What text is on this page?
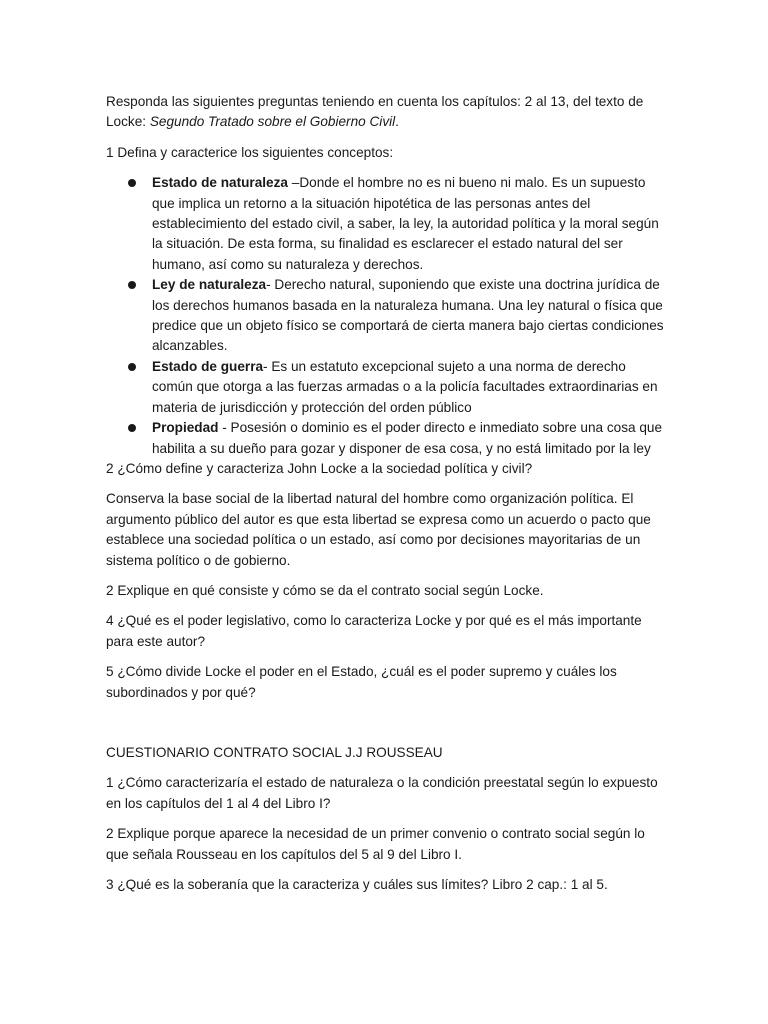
Responda las siguientes preguntas teniendo en cuenta los capítulos: 2 al 13, del texto de Locke: Segundo Tratado sobre el Gobierno Civil.

1 Defina y caracterice los siguientes conceptos:

Estado de naturaleza –Donde el hombre no es ni bueno ni malo. Es un supuesto que implica un retorno a la situación hipotética de las personas antes del establecimiento del estado civil, a saber, la ley, la autoridad política y la moral según la situación. De esta forma, su finalidad es esclarecer el estado natural del ser humano, así como su naturaleza y derechos.
Ley de naturaleza- Derecho natural, suponiendo que existe una doctrina jurídica de los derechos humanos basada en la naturaleza humana. Una ley natural o física que predice que un objeto físico se comportará de cierta manera bajo ciertas condiciones alcanzables.
Estado de guerra- Es un estatuto excepcional sujeto a una norma de derecho común que otorga a las fuerzas armadas o a la policía facultades extraordinarias en materia de jurisdicción y protección del orden público
Propiedad - Posesión o dominio es el poder directo e inmediato sobre una cosa que habilita a su dueño para gozar y disponer de esa cosa, y no está limitado por la ley

2 ¿Cómo define y caracteriza John Locke a la sociedad política y civil?

Conserva la base social de la libertad natural del hombre como organización política. El argumento público del autor es que esta libertad se expresa como un acuerdo o pacto que establece una sociedad política o un estado, así como por decisiones mayoritarias de un sistema político o de gobierno.

2 Explique en qué consiste y cómo se da el contrato social según Locke.

4 ¿Qué es el poder legislativo, como lo caracteriza Locke y por qué es el más importante para este autor?

5 ¿Cómo divide Locke el poder en el Estado, ¿cuál es el poder supremo y cuáles los subordinados y por qué?

CUESTIONARIO CONTRATO SOCIAL J.J ROUSSEAU

1 ¿Cómo caracterizaría el estado de naturaleza o la condición preestatal según lo expuesto en los capítulos del 1 al 4 del Libro I?

2 Explique porque aparece la necesidad de un primer convenio o contrato social según lo que señala Rousseau en los capítulos del 5 al 9 del Libro I.

3 ¿Qué es la soberanía que la caracteriza y cuáles sus límites? Libro 2 cap.: 1 al 5.
